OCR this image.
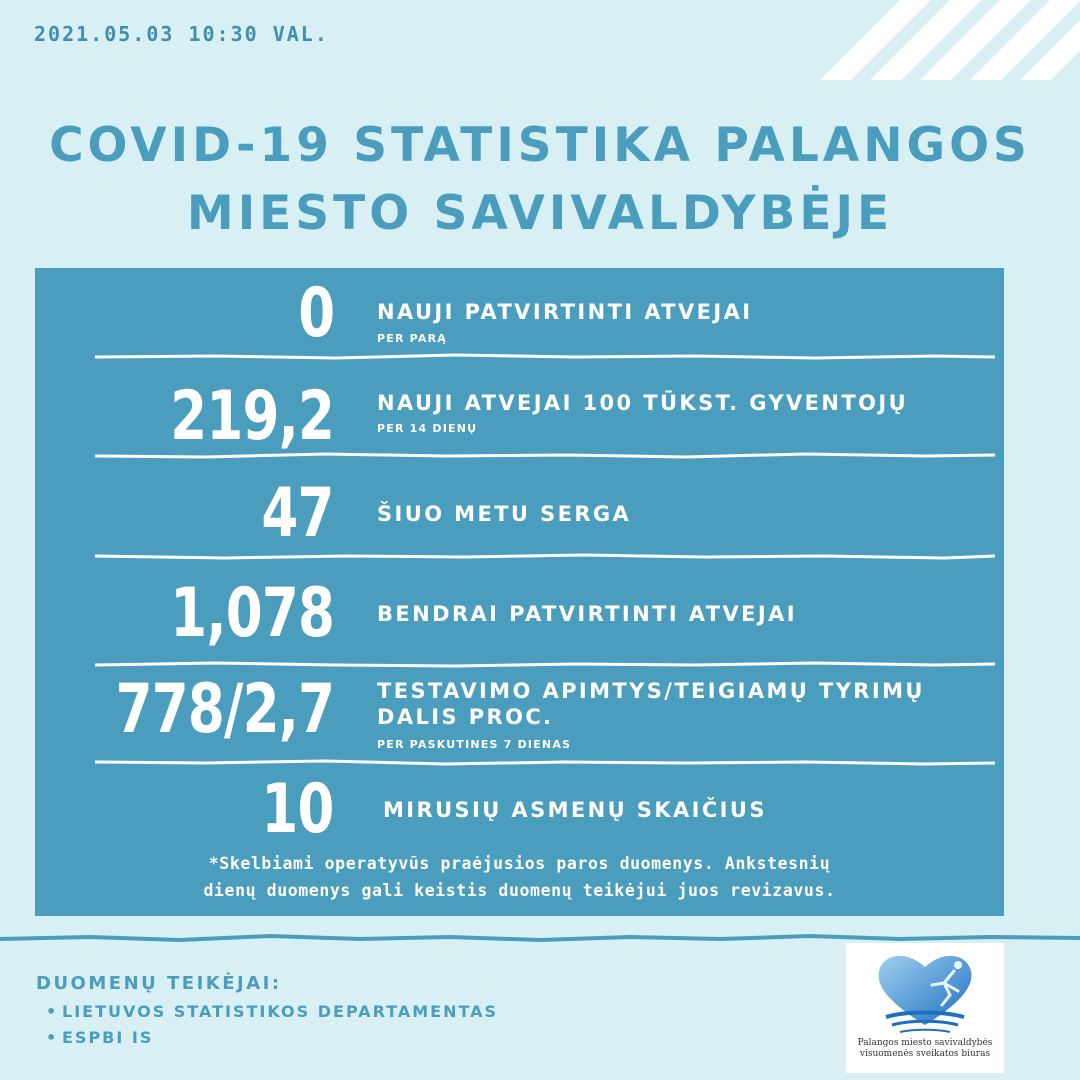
2021.05.03 10:30 VAL.
COVID-19 STATISTIKA PALANGOS
MIESTO SAVIVALDYBĖJE
0 NAUJI PATVIRTINTI ATVEJAI
PER PARĄ
219,2 NAUJI ATVEJAI 100 TŪKST. GYVENTOJŲ
PER 14 DIENŲ
47 ŠIUO METU SERGA
1,078 BENDRAI PATVIRTINTI ATVEJAI
778/2,7 TESTAVIMO APIMTYS/TEIGIAMŲ TYRIMŲ
DALIS PROC.
PER PASKUTINES 7 DIENAS
10 MIRUSIŲ ASMENŲ SKAIČIUS
*Skelbiami operatyvūs praėjusios paros duomenys. Ankstesnių
dienų duomenys gali keistis duomenų teikėjui juos revizavus.
DUOMENŲ TEIKĖJAI:
• LIETUVOS STATISTIKOS DEPARTAMENTAS
• ESPBI IS	Palangos miesto savivaldybės
visuomenės sveikatos biuras
